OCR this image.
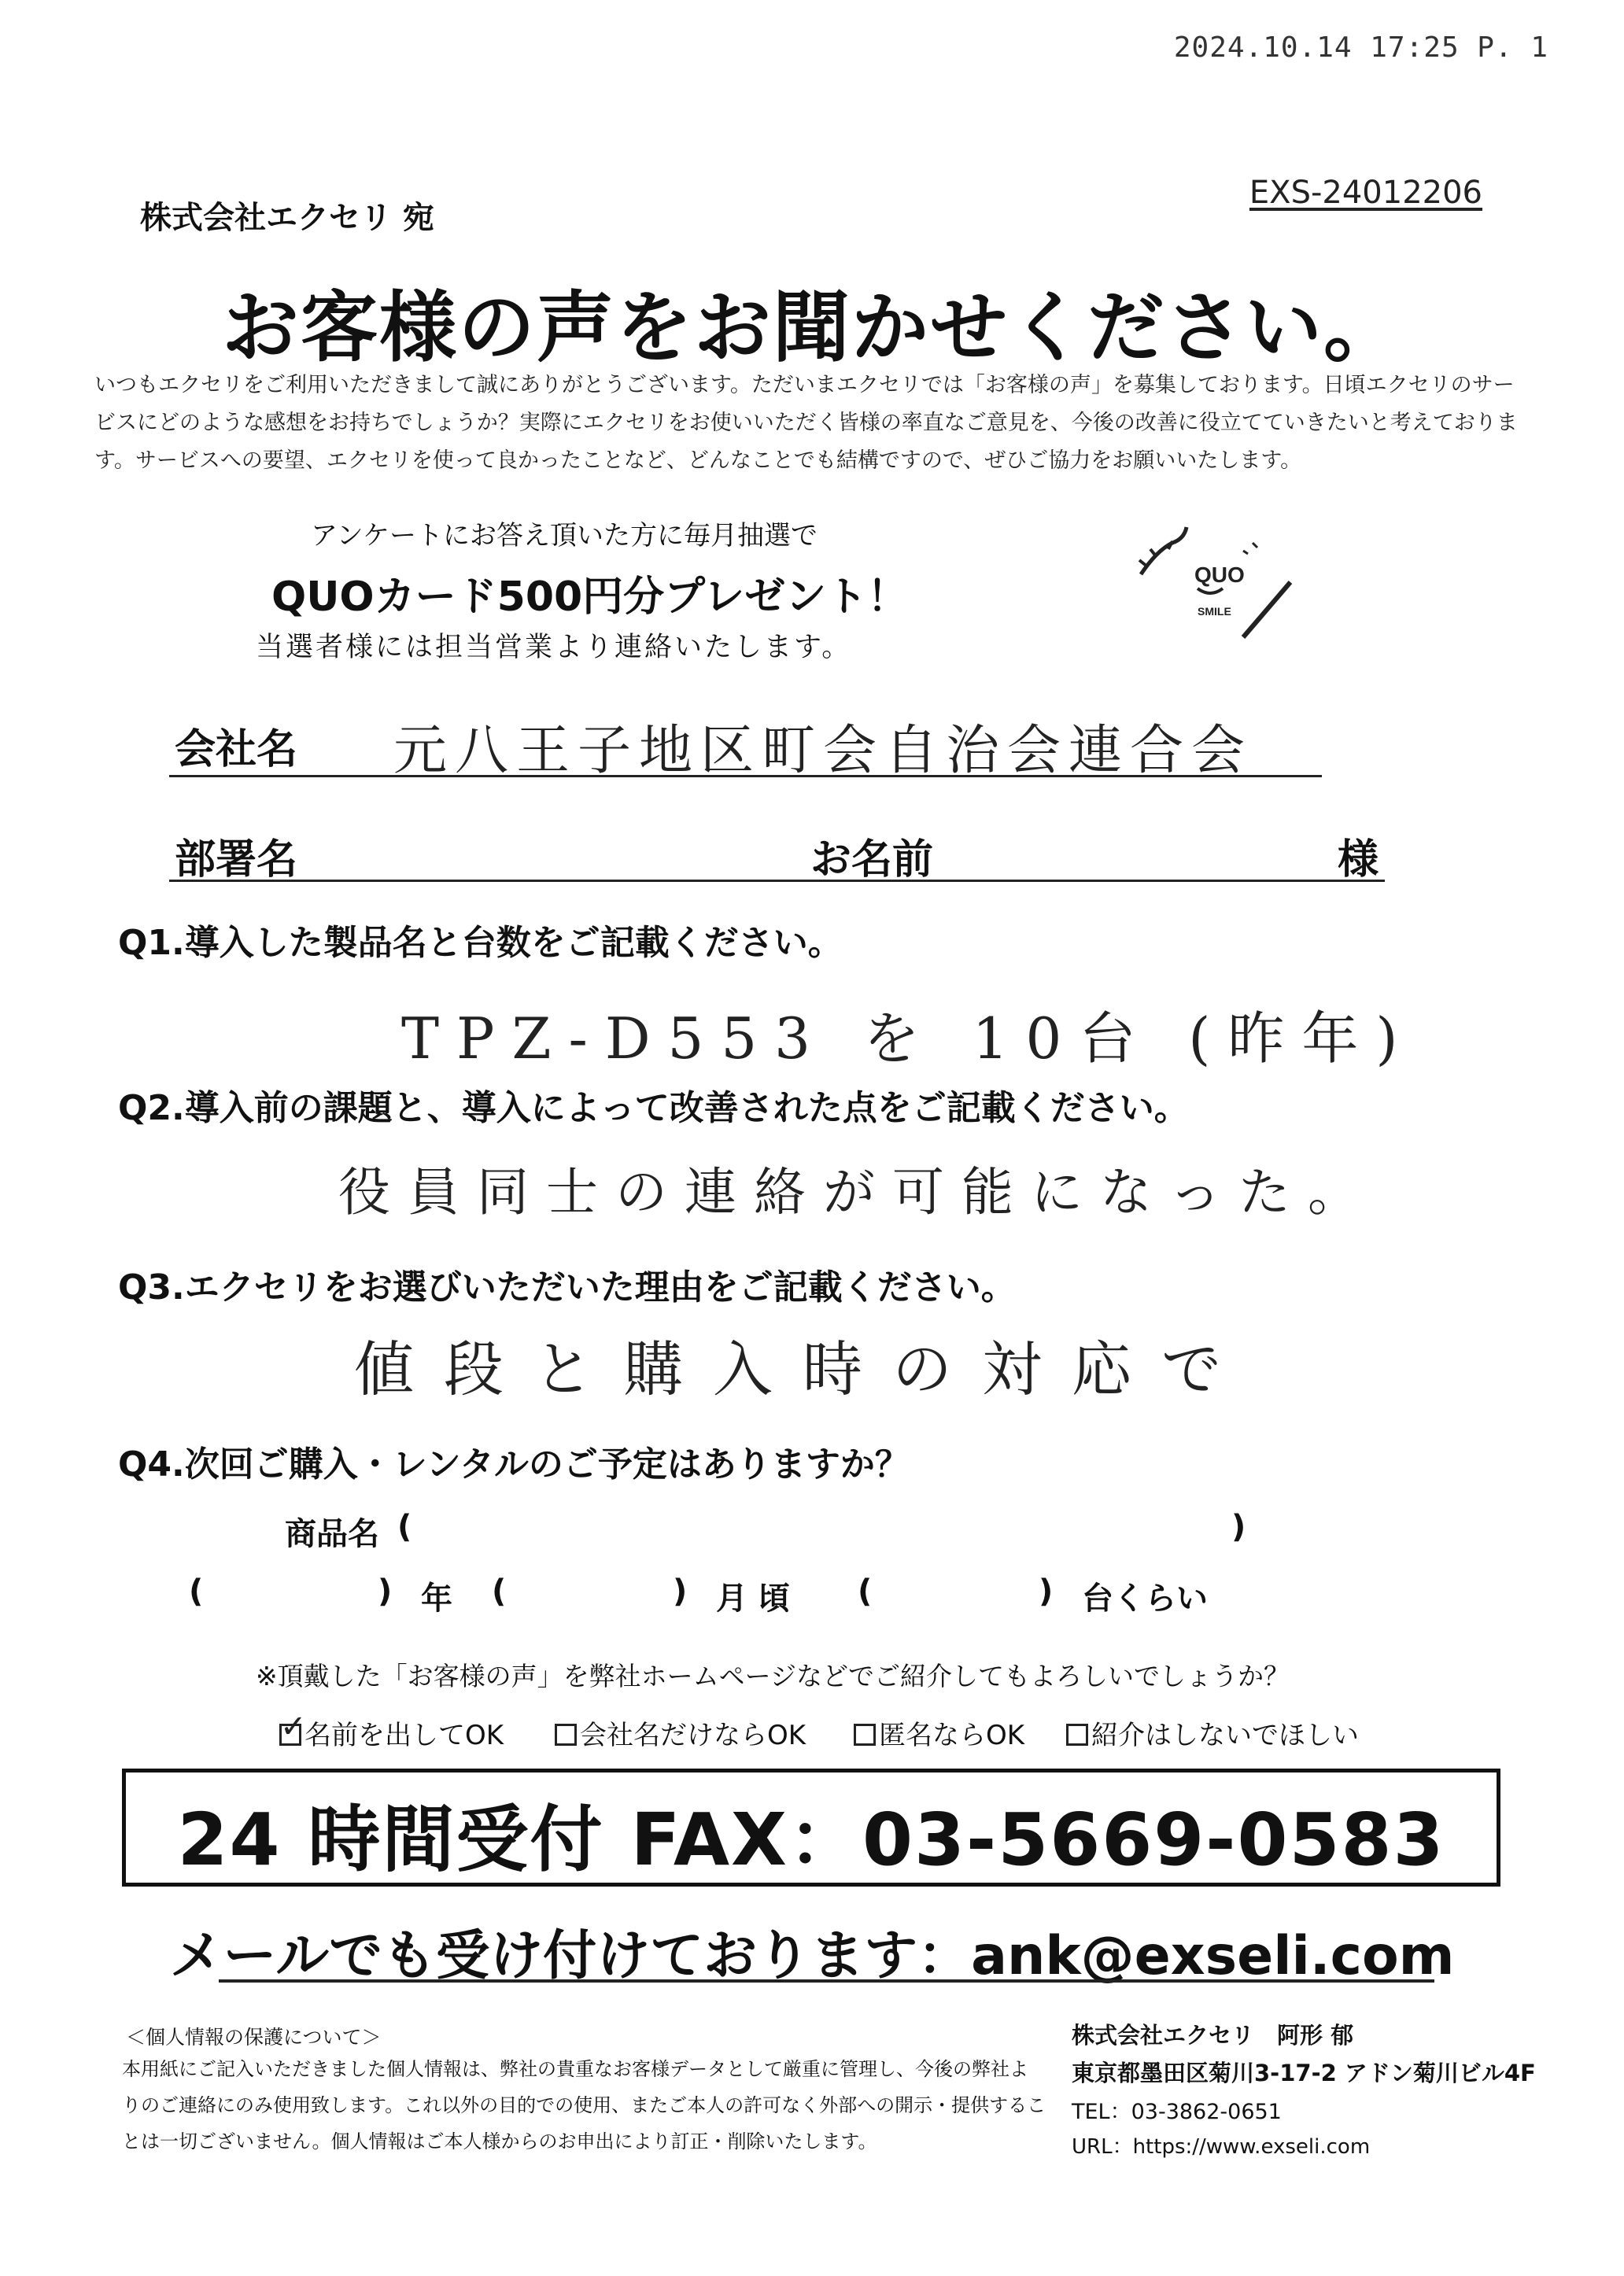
2024.10.14 17:25 P. 1
EXS-24012206
株式会社エクセリ 宛
お客様の声をお聞かせください。
いつもエクセリをご利用いただきまして誠にありがとうございます。ただいまエクセリでは「お客様の声」を募集しております。日頃エクセリのサービスにどのような感想をお持ちでしょうか？実際にエクセリをお使いいただく皆様の率直なご意見を、今後の改善に役立てていきたいと考えております。サービスへの要望、エクセリを使って良かったことなど、どんなことでも結構ですので、ぜひご協力をお願いいたします。
アンケートにお答え頂いた方に毎月抽選で
QUOカード500円分プレゼント！
当選者様には担当営業より連絡いたします。
QUO
SMILE
会社名 元八王子地区町会自治会連合会
部署名	お名前	様
Q1.導入した製品名と台数をご記載ください。
TPZ-D553 を 10台 (昨年)
Q2.導入前の課題と、導入によって改善された点をご記載ください。
役員同士の連絡が可能になった。
Q3.エクセリをお選びいただいた理由をご記載ください。
値段と購入時の対応で
Q4.次回ご購入・レンタルのご予定はありますか？
商品名 (	)
(	) 年 (	) 月 頃 (	) 台くらい
※頂戴した「お客様の声」を弊社ホームページなどでご紹介してもよろしいでしょうか？
✓
名前を出してOK	会社名だけならOK	匿名ならOK	紹介はしないでほしい
24 時間受付 FAX：03-5669-0583
メールでも受け付けております：ank@exseli.com
＜個人情報の保護について＞
本用紙にご記入いただきました個人情報は、弊社の貴重なお客様データとして厳重に管理し、今後の弊社よりのご連絡にのみ使用致します。これ以外の目的での使用、またご本人の許可なく外部への開示・提供することは一切ございません。個人情報はご本人様からのお申出により訂正・削除いたします。
株式会社エクセリ　阿形 郁
東京都墨田区菊川3-17-2 アドン菊川ビル4F
TEL：03-3862-0651
URL：https://www.exseli.com
